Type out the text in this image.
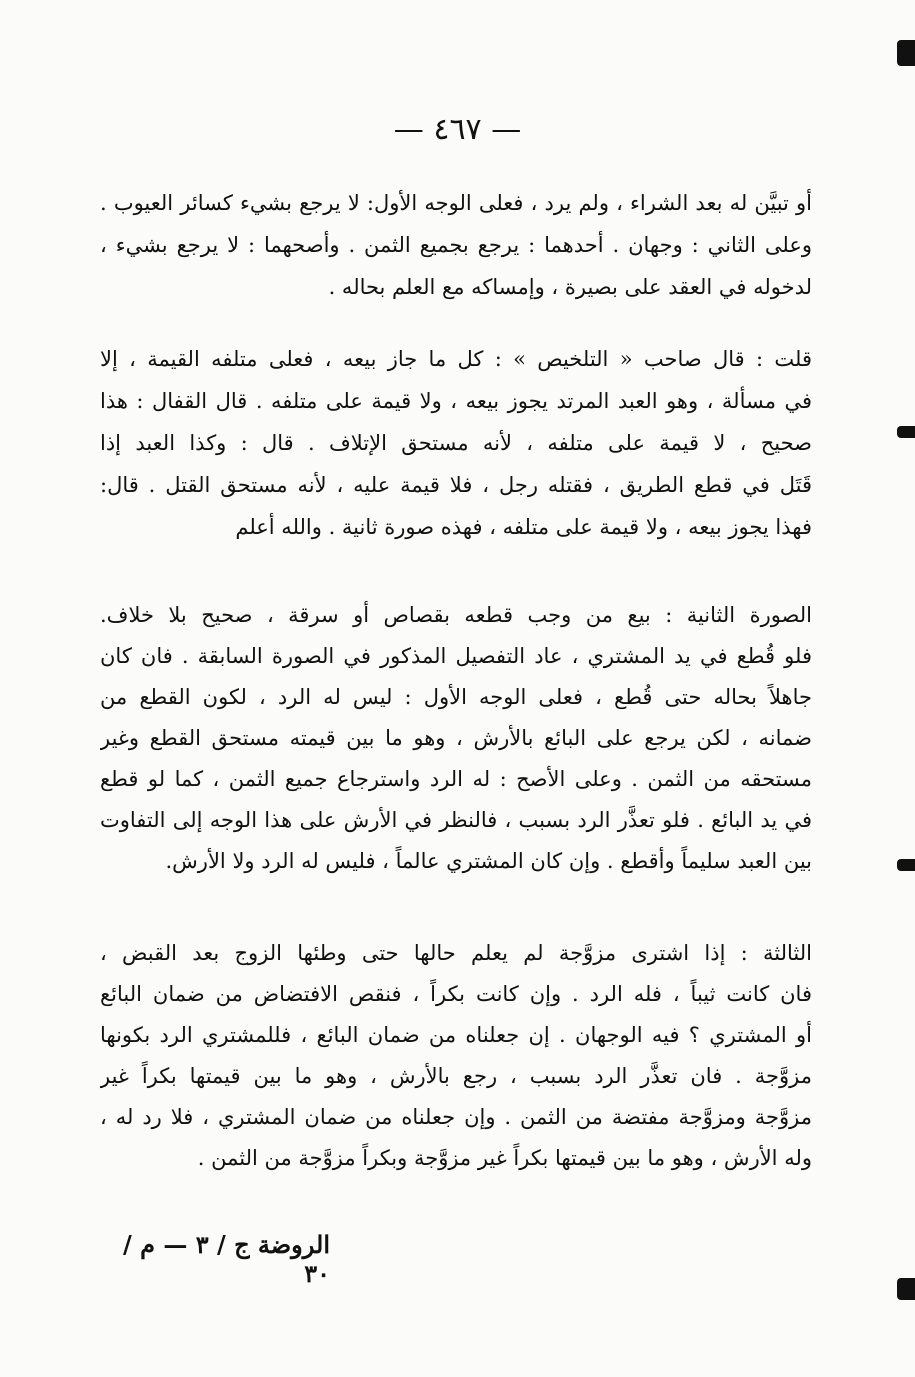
— ٤٦٧ —
أو تبيَّن له بعد الشراء ، ولم يرد ، فعلى الوجه الأول: لا يرجع بشيء كسائر العيوب .
وعلى الثاني : وجهان . أحدهما : يرجع بجميع الثمن . وأصحهما : لا يرجع بشيء ،
لدخوله في العقد على بصيرة ، وإمساكه مع العلم بحاله .
قلت : قال صاحب « التلخيص » : كل ما جاز بيعه ، فعلى متلفه القيمة ، إلا
في مسألة ، وهو العبد المرتد يجوز بيعه ، ولا قيمة على متلفه . قال القفال : هذا
صحيح ، لا قيمة على متلفه ، لأنه مستحق الإتلاف . قال : وكذا العبد إذا
قَتَل في قطع الطريق ، فقتله رجل ، فلا قيمة عليه ، لأنه مستحق القتل . قال:
فهذا يجوز بيعه ، ولا قيمة على متلفه ، فهذه صورة ثانية . والله أعلم
الصورة الثانية : بيع من وجب قطعه بقصاص أو سرقة ، صحيح بلا خلاف.
فلو قُطع في يد المشتري ، عاد التفصيل المذكور في الصورة السابقة . فان كان
جاهلاً بحاله حتى قُطع ، فعلى الوجه الأول : ليس له الرد ، لكون القطع من
ضمانه ، لكن يرجع على البائع بالأرش ، وهو ما بين قيمته مستحق القطع وغير
مستحقه من الثمن . وعلى الأصح : له الرد واسترجاع جميع الثمن ، كما لو قطع
في يد البائع . فلو تعذَّر الرد بسبب ، فالنظر في الأرش على هذا الوجه إلى التفاوت
بين العبد سليماً وأقطع . وإن كان المشتري عالماً ، فليس له الرد ولا الأرش.
الثالثة : إذا اشترى مزوَّجة لم يعلم حالها حتى وطئها الزوج بعد القبض ،
فان كانت ثيباً ، فله الرد . وإن كانت بكراً ، فنقص الافتضاض من ضمان البائع
أو المشتري ؟ فيه الوجهان . إن جعلناه من ضمان البائع ، فللمشتري الرد بكونها
مزوَّجة . فان تعذَّر الرد بسبب ، رجع بالأرش ، وهو ما بين قيمتها بكراً غير
مزوَّجة ومزوَّجة مفتضة من الثمن . وإن جعلناه من ضمان المشتري ، فلا رد له ،
وله الأرش ، وهو ما بين قيمتها بكراً غير مزوَّجة وبكراً مزوَّجة من الثمن .
الروضة ج / ٣ — م / ٣٠
